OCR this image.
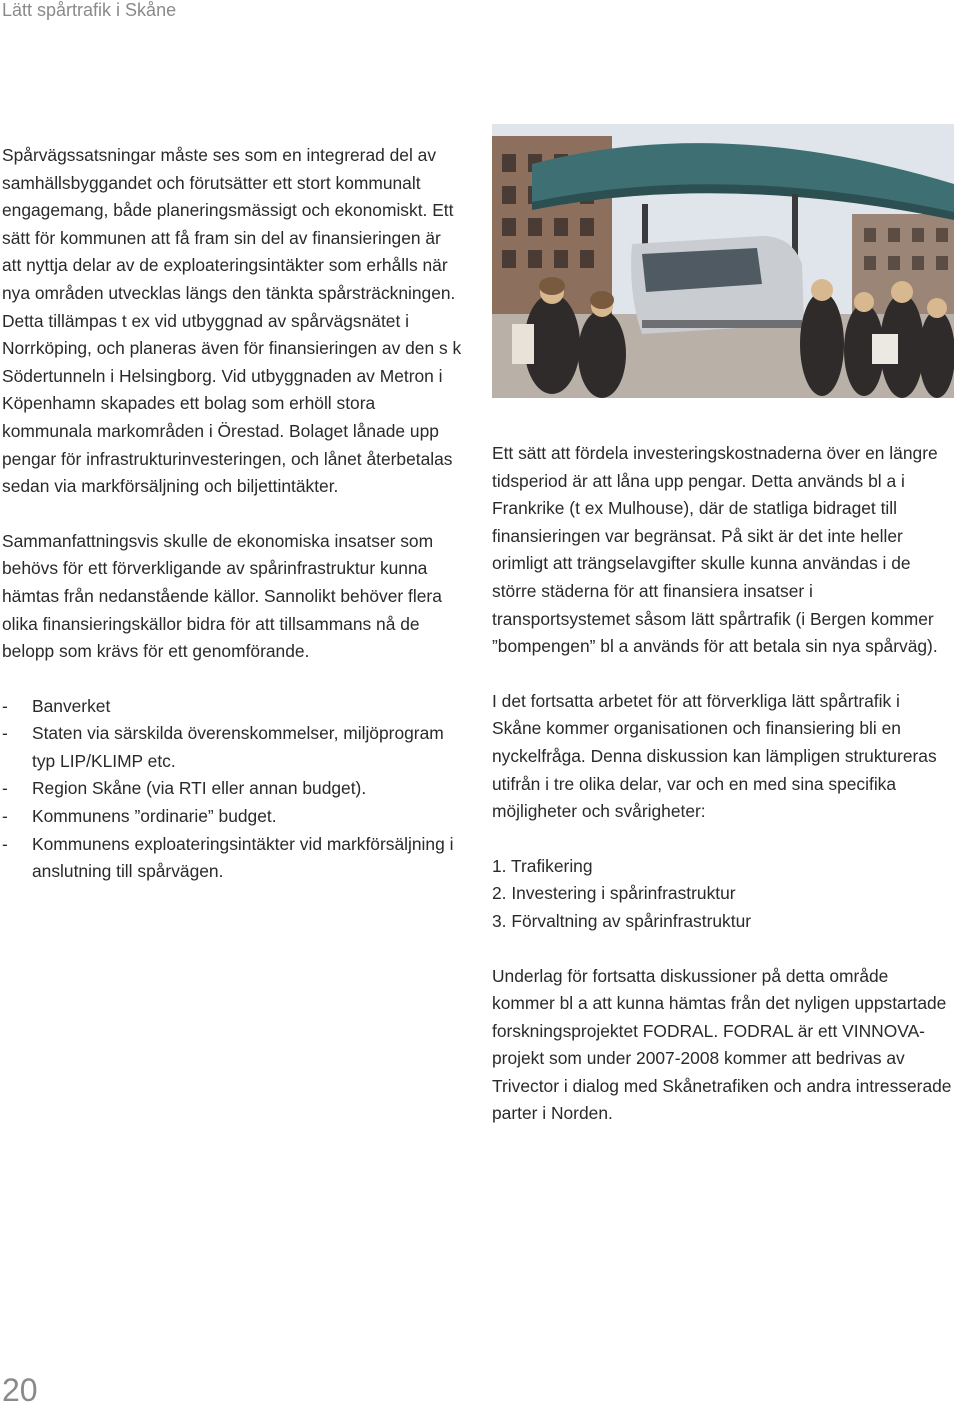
Lätt spårtrafik i Skåne

Spårvägssatsningar måste ses som en integrerad del av samhällsbyggandet och förutsätter ett stort kommunalt engagemang, både planeringsmässigt och ekonomiskt. Ett sätt för kommunen att få fram sin del av finansieringen är att nyttja delar av de exploateringsintäkter som erhålls när nya områden utvecklas längs den tänkta spårsträckningen. Detta tillämpas t ex vid utbyggnad av spårvägsnätet i Norrköping, och planeras även för finansieringen av den s k Södertunneln i Helsingborg. Vid utbyggnaden av Metron i Köpenhamn skapades ett bolag som erhöll stora kommunala markområden i Örestad. Bolaget lånade upp pengar för infrastrukturinvesteringen, och lånet återbetalas sedan via markförsäljning och biljettintäkter.

Sammanfattningsvis skulle de ekonomiska insatser som behövs för ett förverkligande av spårinfrastruktur kunna hämtas från nedanstående källor. Sannolikt behöver flera olika finansieringskällor bidra för att tillsammans nå de belopp som krävs för ett genomförande.

- Banverket
- Staten via särskilda överenskommelser, miljöprogram typ LIP/KLIMP etc.
- Region Skåne (via RTI eller annan budget).
- Kommunens ”ordinarie” budget.
- Kommunens exploateringsintäkter vid markförsäljning i anslutning till spårvägen.

Ett sätt att fördela investeringskostnaderna över en längre tidsperiod är att låna upp pengar. Detta används bl a i Frankrike (t ex Mulhouse), där de statliga bidraget till finansieringen var begränsat. På sikt är det inte heller orimligt att trängselavgifter skulle kunna användas i de större städerna för att finansiera insatser i transportsystemet såsom lätt spårtrafik (i Bergen kommer ”bompengen” bl a används för att betala sin nya spårväg).

I det fortsatta arbetet för att förverkliga lätt spårtrafik i Skåne kommer organisationen och finansiering bli en nyckelfråga. Denna diskussion kan lämpligen struktureras utifrån i tre olika delar, var och en med sina specifika möjligheter och svårigheter:

1. Trafikering
2. Investering i spårinfrastruktur
3. Förvaltning av spårinfrastruktur

Underlag för fortsatta diskussioner på detta område kommer bl a att kunna hämtas från det nyligen uppstartade forskningsprojektet FODRAL. FODRAL är ett VINNOVA-projekt som under 2007-2008 kommer att bedrivas av Trivector i dialog med Skånetrafiken och andra intresserade parter i Norden.

20
